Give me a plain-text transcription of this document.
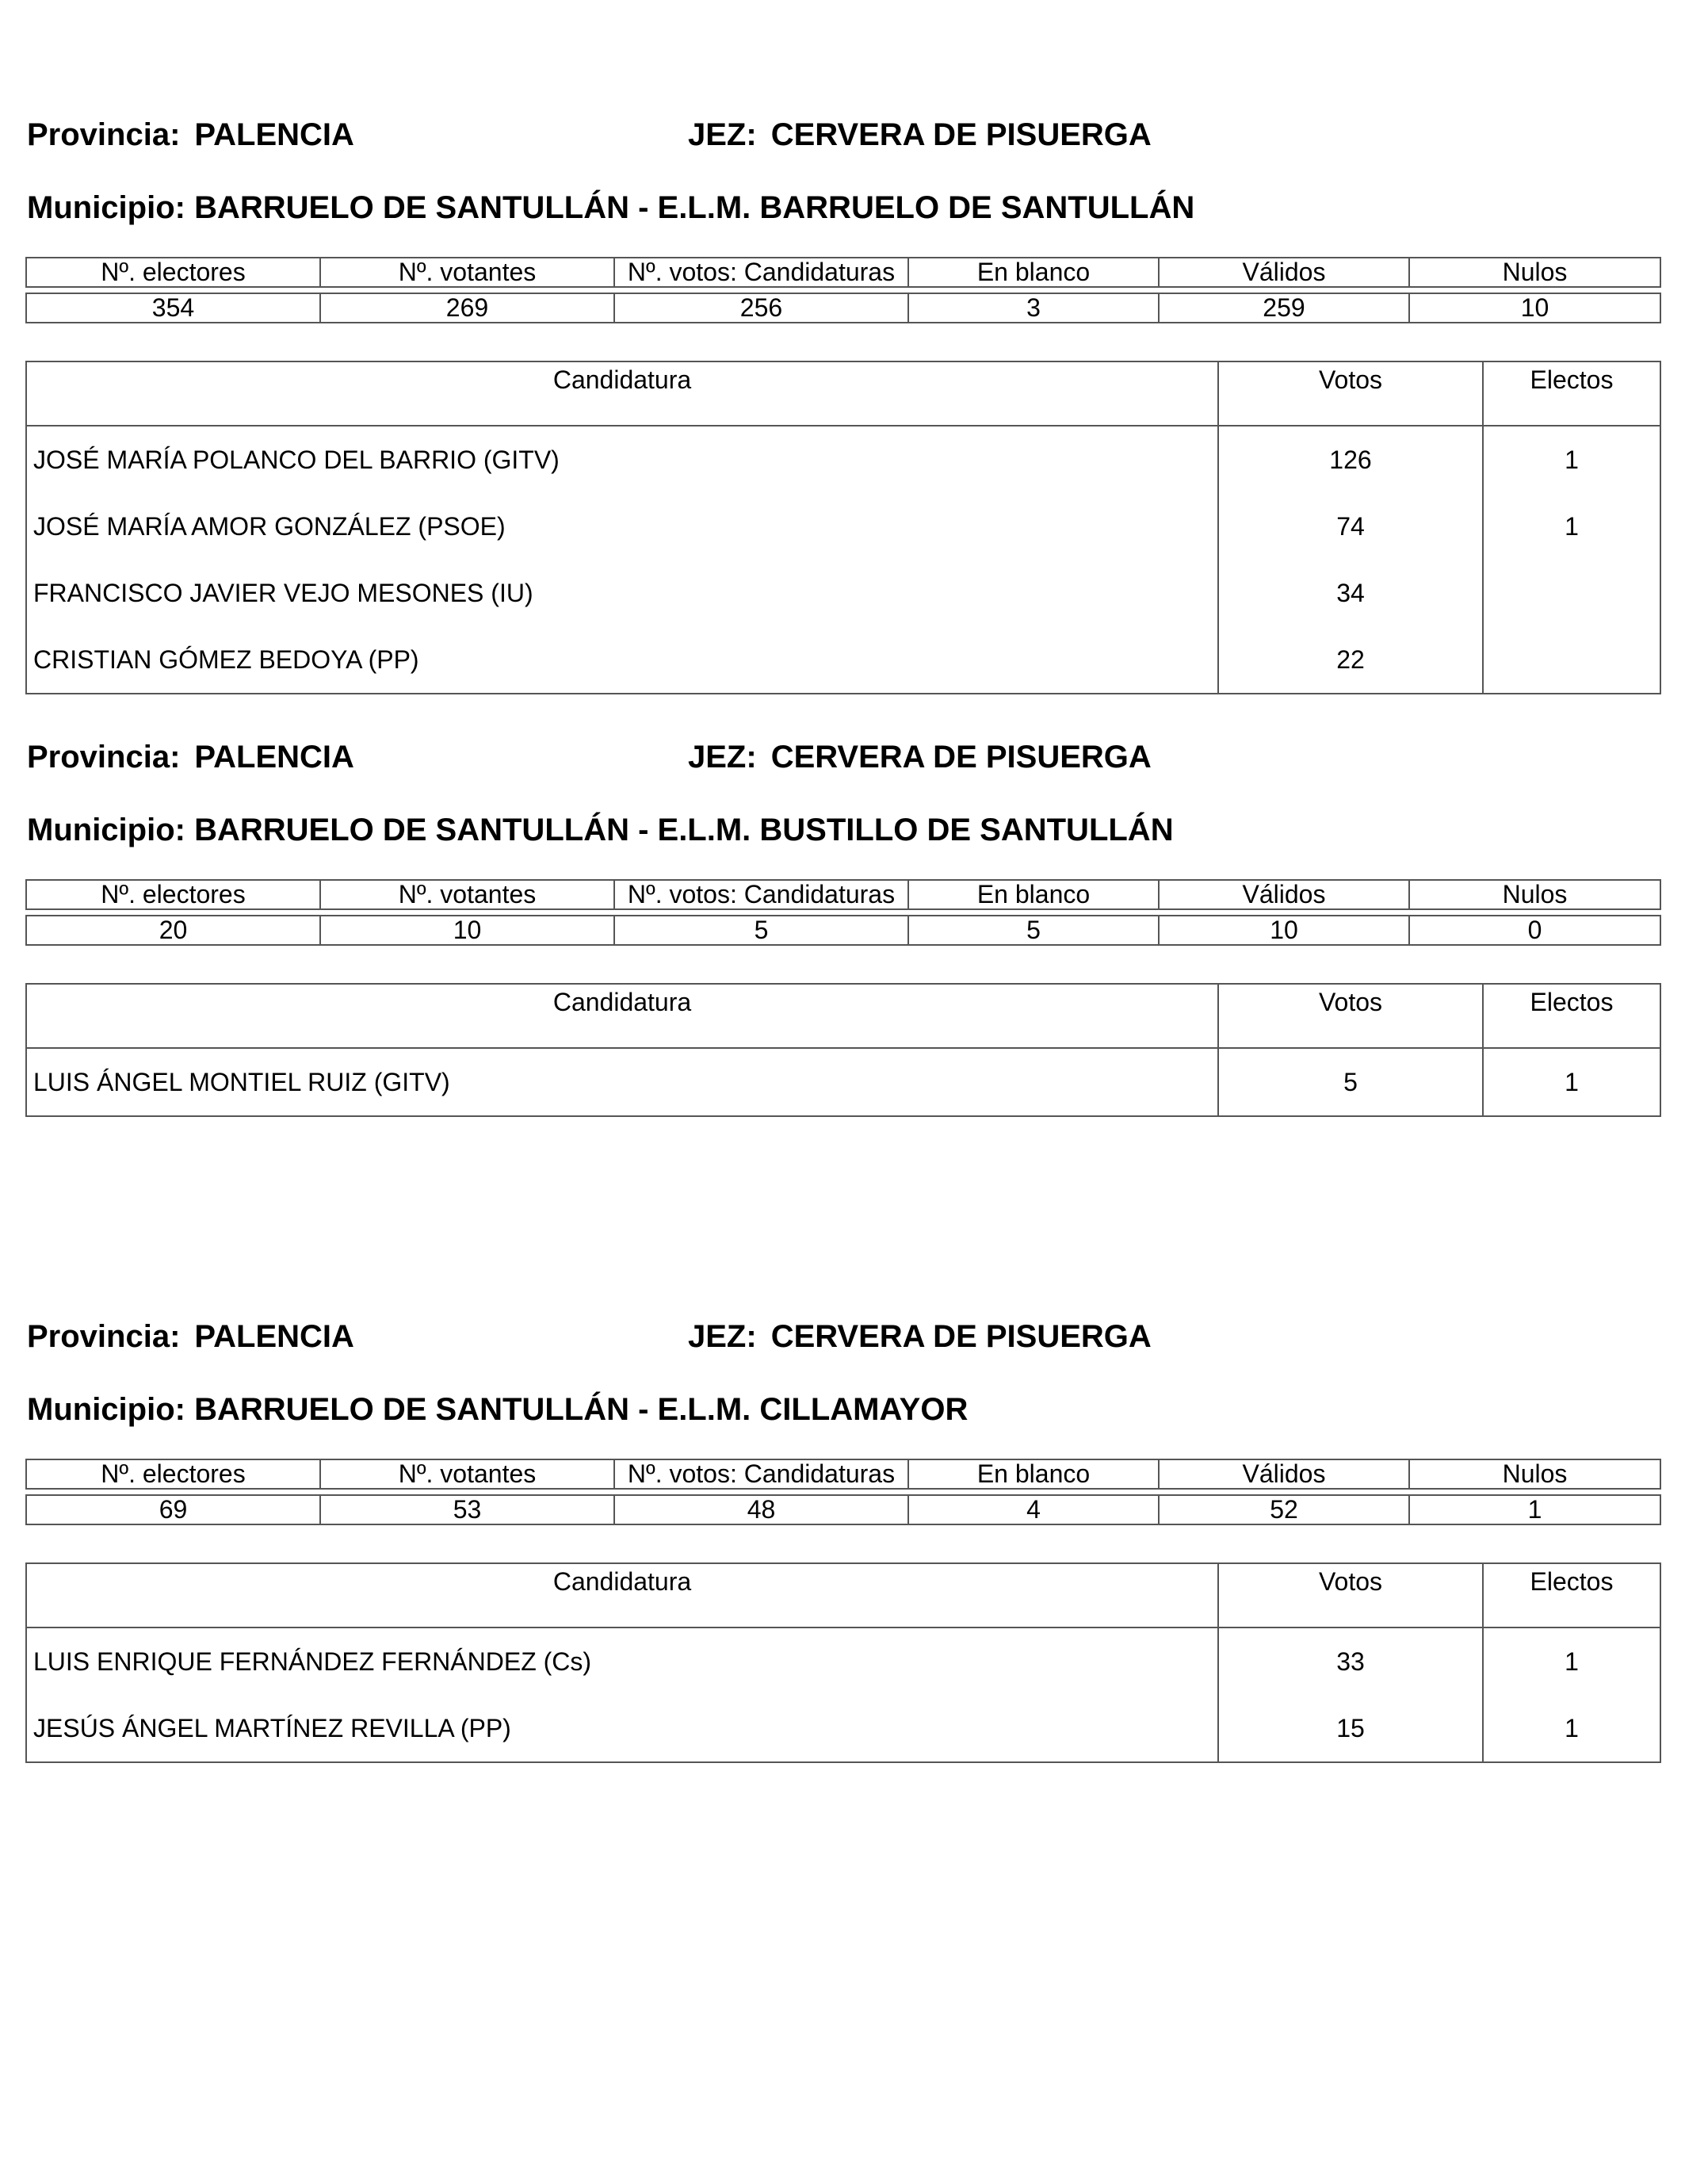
Provincia: PALENCIA	JEZ: CERVERA DE PISUERGA
Municipio: BARRUELO DE SANTULLÁN - E.L.M. BARRUELO DE SANTULLÁN
Nº. electores	Nº. votantes	Nº. votos: Candidaturas	En blanco	Válidos	Nulos

354	269	256	3	259	10
Candidatura	Votos	Electos
JOSÉ MARÍA POLANCO DEL BARRIO (GITV)	126	1
JOSÉ MARÍA AMOR GONZÁLEZ (PSOE)	74	1
FRANCISCO JAVIER VEJO MESONES (IU)	34	
CRISTIAN GÓMEZ BEDOYA (PP)	22	
Provincia: PALENCIA	JEZ: CERVERA DE PISUERGA
Municipio: BARRUELO DE SANTULLÁN - E.L.M. BUSTILLO DE SANTULLÁN
Nº. electores	Nº. votantes	Nº. votos: Candidaturas	En blanco	Válidos	Nulos

20	10	5	5	10	0
Candidatura	Votos	Electos
LUIS ÁNGEL MONTIEL RUIZ (GITV)	5	1
Provincia: PALENCIA	JEZ: CERVERA DE PISUERGA
Municipio: BARRUELO DE SANTULLÁN - E.L.M. CILLAMAYOR
Nº. electores	Nº. votantes	Nº. votos: Candidaturas	En blanco	Válidos	Nulos

69	53	48	4	52	1
Candidatura	Votos	Electos
LUIS ENRIQUE FERNÁNDEZ FERNÁNDEZ (Cs)	33	1
JESÚS ÁNGEL MARTÍNEZ REVILLA (PP)	15	1
